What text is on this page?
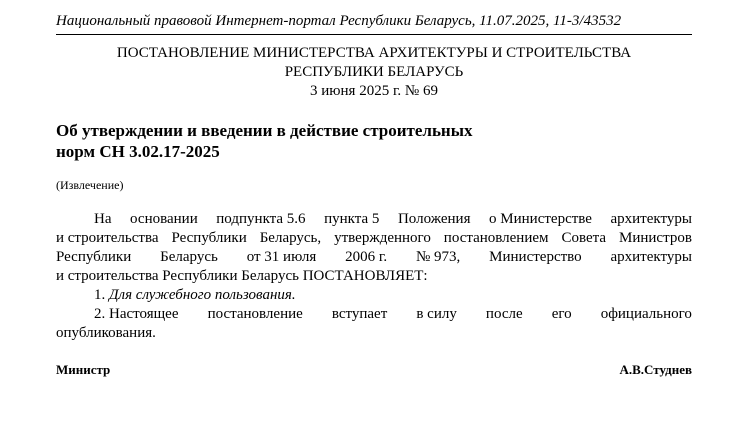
Национальный правовой Интернет-портал Республики Беларусь, 11.07.2025, 11-3/43532
ПОСТАНОВЛЕНИЕ МИНИСТЕРСТВА АРХИТЕКТУРЫ И СТРОИТЕЛЬСТВА
РЕСПУБЛИКИ БЕЛАРУСЬ
3 июня 2025 г. № 69
Об утверждении и введении в действие строительных
норм СН 3.02.17-2025
(Извлечение)
На основании подпункта 5.6 пункта 5 Положения о Министерстве архитектуры
и строительства Республики Беларусь, утвержденного постановлением Совета Министров
Республики Беларусь от 31 июля 2006 г. № 973, Министерство архитектуры
и строительства Республики Беларусь ПОСТАНОВЛЯЕТ:
1.
Для служебного пользования.
2. Настоящее постановление вступает в силу после его официального
опубликования.
Министр	А.В.Студнев
